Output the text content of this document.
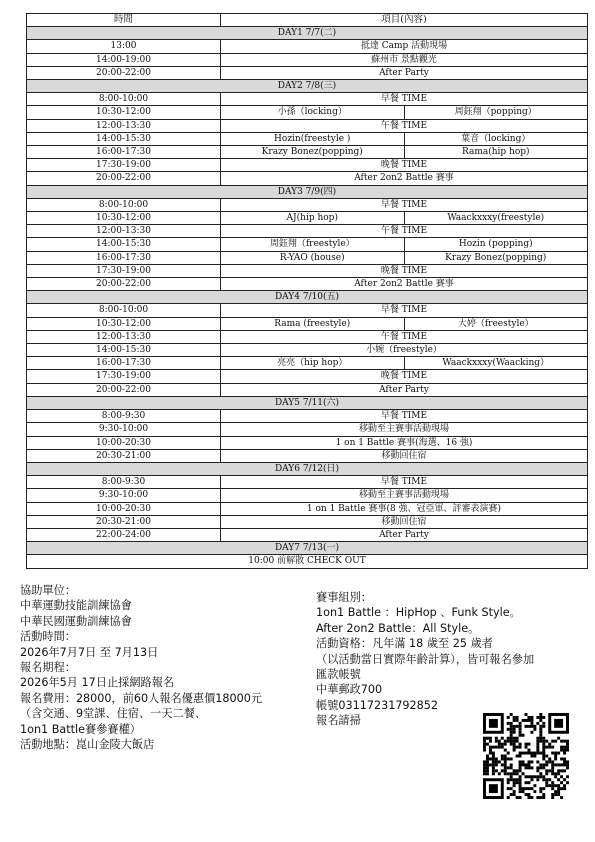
時間	項目(內容)	
DAY1 7/7(二)		
13:00	抵達 Camp 活動現場	
14:00-19:00	蘇州市 景點觀光	
20:00-22:00	After Party	
DAY2 7/8(三)		
8:00-10:00	早餐 TIME	
10:30-12:00	小孫（locking）	周鈺翔（popping）
12:00-13:30	午餐 TIME	
14:00-15:30	Hozin(freestyle )	葉音（locking）
16:00-17:30	Krazy Bonez(popping)	Rama(hip hop)
17:30-19:00	晚餐 TIME	
20:00-22:00	After 2on2 Battle 賽事	
DAY3 7/9(四)		
8:00-10:00	早餐 TIME	
10:30-12:00	AJ(hip hop)	Waackxxxy(freestyle)
12:00-13:30	午餐 TIME	
14:00-15:30	周鈺翔（freestyle）	Hozin (popping)
16:00-17:30	R-YAO (house)	Krazy Bonez(popping)
17:30-19:00	晚餐 TIME	
20:00-22:00	After 2on2 Battle 賽事	
DAY4 7/10(五)		
8:00-10:00	早餐 TIME	
10:30-12:00	Rama (freestyle)	大婷（freestyle）
12:00-13:30	午餐 TIME	
14:00-15:30	小婉（freestyle）	
16:00-17:30	亮亮（hip hop）	Waackxxxy(Waacking）
17:30-19:00	晚餐 TIME	
20:00-22:00	After Party	
DAY5 7/11(六)		
8:00-9:30	早餐 TIME	
9:30-10:00	移動至主賽事活動現場	
10:00-20:30	1 on 1 Battle 賽事(海選、16 強)	
20:30-21:00	移動回住宿	
DAY6 7/12(日)		
8:00-9:30	早餐 TIME	
9:30-10:00	移動至主賽事活動現場	
10:00-20:30	1 on 1 Battle 賽事(8 強、冠亞軍、評審表演賽)	
20:30-21:00	移動回住宿	
22:00-24:00	After Party	
DAY7 7/13(一)		
10:00 前解散 CHECK OUT		
協助單位：
中華運動技能訓練協會
中華民國運動訓練協會
活動時間：
2026年7月7日 至 7月13日
報名期程：
2026年5月 17日止採網路報名
報名費用：28000，前60人報名優惠價18000元
（含交通、9堂課、住宿、一天二餐、
1on1 Battle賽參賽權）
活動地點：崑山金陵大飯店
賽事組別：
1on1 Battle ：HipHop 、Funk Style。
After 2on2 Battle：All Style。
活動資格：凡年滿 18 歲至 25 歲者
（以活動當日實際年齡計算），皆可報名參加
匯款帳號
中華郵政700
帳號03117231792852
報名請掃
